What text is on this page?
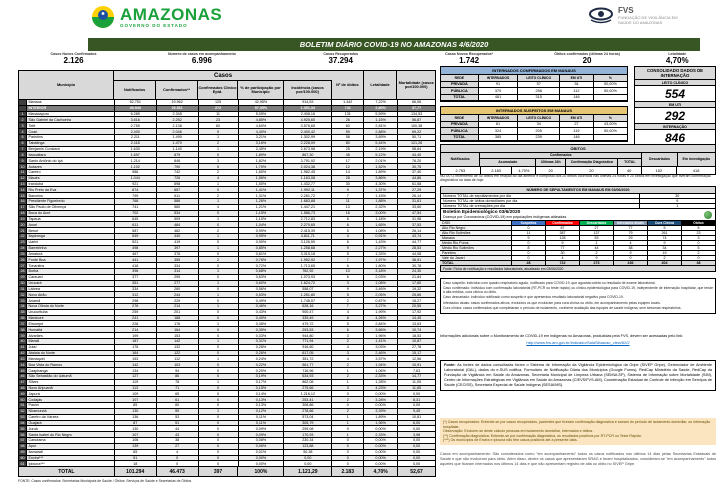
AMAZONAS
GOVERNO DO ESTADO
FVS
FUNDAÇÃO DE VIGILÂNCIA EM SAÚDE DO AMAZONAS
BOLETIM DIÁRIO COVID-19 NO AMAZONAS 4/6/2020
Casos Novos Confirmados
2.126
Número de casos em acompanhamento
6.996
Casos Recuperados
37.294
Casos Novos Recuperados*
1.742
Óbitos confirmados (últimas 24 horas)
20
Letalidade
4,70%
Município
Casos
Notificados	Confirmados**	Confirmados Clínico Epid.
% de participação por Município
Incidência (casos por/100.000)
Nº de óbitos	Letalidade	Mortalidade (casos por/100.000)
Manaus	52.751	19.962	125	42,95%	914,53	1.442	7,22%	66,06
INTERIOR	48.543	26.511	272	57,05%	1.351,34	741	2,80%	37,77
1	Manacapuru	6.289	2.345	11	5,05%	2.408,16	131	5,59%	134,53
2	São Gabriel da Cachoeira	3.616	2.252	23	4,85%	4.925,60	26	1,15%	56,87
3	Tefé	2.759	2.138	60	4,60%	3.576,65	60	2,81%	100,38
4	Coari	2.400	2.046	9	4,40%	2.400,42	59	2,88%	69,22
5	Parintins	2.211	1.490	1	3,21%	1.302,99	58	3,89%	50,71
6	Tabatinga	2.118	1.470	2	3,16%	2.228,09	80	5,44%	121,26
7	Benjamin Constant	1.630	1.140	1	2,45%	2.673,98	25	2,19%	58,64
8	Itacoatiara	1.697	879	0	1,89%	867,30	45	5,12%	44,40
9	Santo Antônio do Içá	1.214	846	3	1,82%	3.791,92	17	2,01%	76,20
10	Autazes	1.102	790	5	1,70%	2.024,38	12	1,52%	30,75
11	Careiro	986	742	2	1,60%	1.982,45	14	1,89%	37,40
12	Maués	1.044	726	4	1,56%	1.163,08	28	3,86%	44,86
13	Iranduba	921	698	1	1,50%	1.432,77	30	4,30%	61,58
14	Rio Preto da Eva	874	657	0	1,41%	1.992,11	9	1,37%	27,29
15	Barcelos	799	611	2	1,31%	2.281,72	7	1,15%	26,14
16	Presidente Figueiredo	768	586	1	1,26%	1.683,88	11	1,88%	31,61
17	São Paulo de Olivença	741	560	4	1,21%	1.447,21	13	2,32%	33,60
18	Boca do Acre	702	534	0	1,15%	1.586,73	16	3,00%	47,54
19	Tapauá	645	509	1	1,10%	2.712,83	6	1,18%	31,98
20	Anori	611	484	0	1,04%	2.270,65	8	1,65%	37,53
21	Beruri	587	462	2	0,99%	2.415,39	5	1,08%	26,14
22	Itapiranga	549	440	1	0,95%	4.811,71	4	0,91%	43,74
23	Uarini	521	419	0	0,90%	3.126,59	6	1,43%	44,77
24	Barreirinha	498	397	1	0,85%	1.258,68	9	2,27%	28,53
25	Amaturá	467	376	0	0,81%	3.315,18	5	1,33%	44,08
26	Fonte Boa	441	355	2	0,76%	1.952,92	7	1,97%	38,51
27	Tonantins	418	334	0	0,72%	1.713,65	6	1,80%	30,78
28	Borba	396	314	1	0,68%	762,92	10	3,18%	24,30
29	Carauari	377	295	0	0,63%	1.073,93	6	2,03%	21,84
30	Urucará	351	277	1	0,60%	1.624,72	3	1,08%	17,60
31	Lábrea	334	260	0	0,56%	558,07	9	3,46%	19,32
32	Novo Airão	312	244	1	0,53%	1.251,80	5	2,05%	25,65
33	Anamã	298	229	0	0,49%	1.748,57	2	0,87%	15,27
34	Nova Olinda do Norte	276	214	1	0,46%	628,16	7	3,27%	20,55
35	Urucurituba	259	201	0	0,43%	900,47	4	1,99%	17,92
36	Manicoré	241	188	0	0,40%	339,49	8	4,26%	14,45
37	Eirunepé	228	176	1	0,38%	479,72	5	2,84%	13,63
38	Humaitá	214	164	0	0,35%	293,53	6	3,66%	10,74
39	Alvarães	199	153	0	0,33%	944,80	3	1,96%	18,53
40	Maraã	187	142	1	0,31%	771,94	2	1,41%	10,87
41	Jutaí	176	132	0	0,28%	916,60	4	3,03%	27,78
42	Atalaia do Norte	164	122	0	0,26%	617,05	3	2,46%	15,17
43	Manaquiri	153	112	1	0,24%	351,72	4	3,57%	12,56
44	Boa Vista do Ramos	142	103	0	0,22%	561,77	2	1,94%	10,91
45	Caapiranga	134	94	0	0,20%	716,96	1	1,06%	7,63
46	São Sebastião do Uatumã	127	86	0	0,19%	634,93	2	2,33%	14,77
47	Silves	119	78	1	0,17%	862,08	1	1,28%	11,05
48	Novo Aripuanã	113	71	0	0,15%	275,66	3	4,23%	11,65
49	Japurá	109	65	0	0,14%	1.216,12	0	0,00%	0,00
50	Codajás	107	61	0	0,13%	253,41	2	3,28%	8,31
51	Pauini	85	60	0	0,13%	308,86	0	0,00%	0,00
52	Nhamundá	130	59	1	0,12%	278,66	2	3,39%	9,45
53	Careiro da Várzea	136	53	0	0,11%	573,04	1	1,89%	10,81
54	Guajará	87	51	0	0,11%	305,79	1	1,96%	6,00
55	Juruá	130	44	0	0,09%	299,08	0	0,00%	0,00
56	Santa Isabel do Rio Negro	107	43	0	0,09%	170,93	1	2,33%	3,98
57	Canutama	106	38	0	0,08%	230,34	0	0,00%	0,00
58	Apuí	139	27	0	0,06%	123,88	0	0,00%	0,00
59	Itamarati	65	4	0	0,01%	50,38	0	0,00%	0,00
60	Envira***	51	0	0	0,00%	0,00	0	0,00%	0,00
61	Ipixuna***	18	0	0	0,00%	0,00	0	0,00%	0,00
TOTAL	101.294	46.473	397	100%	1.121,29	2.183	4,70%	52,67
FONTE: Casos confirmados: Secretarias Municipais de Saúde / Óbitos: Serviços de Saúde e Secretarias de Óbitos
INTERNADOS CONFIRMADOS EM MANAUS
REDE	INTERNADOS	LEITO CLÍNICO	EM UTI	%
PRIVADA	91	57	34	50,00%
PÚBLICA	370	258	112	50,00%
TOTAL	461	315	146
INTERNADOS SUSPEITOS EM MANAUS
REDE	INTERNADOS	LEITO CLÍNICO	EM UTI	%
PRIVADA	61	34	27	43,00%
PÚBLICA	324	205	119	50,00%
TOTAL	385	239	146
CONSOLIDADO DADOS DE INTERNAÇÃO
LEITO CLÍNICO
554
EM UTI
292
INTERNAÇÃO
846
ÓBITOS
Notificados
Confirmados
Acumulado	Últimas 24h	Confirmação Diagnóstica	TOTAL
Descartados	Em investigação
2.753	2.183	4,70%	20	20	40	152	418
NOTA: O incremento de 40 óbitos em relação ao dia anterior é composto dos 20 óbitos ocorridos nas últimas 24 horas e 20 óbitos em investigação que tiveram confirmação diagnóstica na data de hoje.
NÚMERO DE SEPULTAMENTOS EM MANAUS EM 03/06/2020
Número TOTAL de sepultamentos por dia	30
Número TOTAL de óbitos domiciliares por dia	9
Número TOTAL de cremações por dia	1
Boletim Epidemiológico 03/6/2020
Doença por Coronavírus (COVID-19) em populações indígenas aldeadas
DSEI	Suspeitos	Confirmados	Descartados	Infectados atuais	Cura Clínica	Óbitos
Alto Rio Negro	0	87	27	77	5	5
Alto Rio Solimões	11	387	137	79	261	23
Manaus	9	128	53	29	74	3
Médio Rio Purus	0	9	1	4	9	0
Médio Rio Solimões	8	77	44	38	34	5
Parintins	0	30	2	9	19	2
Vale do Javari	0	4	9	0	2	0
TOTAL	28	722	273	236	404	38
Fonte: Ficha de notificação e resultados laboratoriais, atualizado em 03/06/2020
Caso suspeito: indivíduo com quadro respiratório agudo, notificado para COVID-19, que aguarda coleta ou resultado de exame laboratorial.
Caso confirmado: indivíduo com confirmação laboratorial (RT-PCR ou teste rápido) ou clínico-epidemiológica para COVID-19, independente de internação hospitalar, que tende à alta médica, cura clínica ou óbito.
Caso descartado: indivíduo notificado como suspeito e que apresentou resultado laboratorial negativo para COVID-19.
Infectados atuais: casos confirmados ativos, excluídos os que evoluíram para cura clínica ou óbito, em acompanhamento pelas equipes locais.
Cura clínica: casos confirmados que completaram o período de isolamento, conforme avaliação das equipes de saúde indígena, sem sintomas respiratórios.
Informações adicionais sobre o Monitoramento de COVID-19 em indígenas no Amazonas, produzidas pela FVS, devem ser acessadas pelo link:
http://www.fvs.am.gov.br/indicadorSalaSituacao_view/62/2
Fonte: As fontes de dados consultadas foram o Sistema de Informação da Vigilância Epidemiológica da Gripe (SIVEP Gripe), Gerenciador de Ambiente Laboratorial (GAL), dados do e-SUS notifica, Formulário de Notificação Diária dos Municípios (Google Forms), RedCap Ministério da Saúde, RedCap da Fundação de Vigilância em Saúde do Amazonas, Secretaria Municipal de Limpeza Urbana (SEMULSP), Sistema de Informação sobre Mortalidade (SIM), Centro de Informações Estratégicas em Vigilância em Saúde do Amazonas (CIEVS/FVS-AM), Coordenação Estadual de Controle de Infecção em Serviços de Saúde (CECISS), Secretaria Especial de Saúde Indígena (SESAI/MS).
(*) Casos recuperados: Entende-se por casos recuperados, pacientes que tiveram confirmação diagnóstica e saíram do período de isolamento domiciliar, ou internação hospitalar.
Observação: Excluem-se deste cálculo pessoas em isolamento domiciliar, internados e óbitos.
(**) Confirmação diagnóstica: Entende-se por confirmação diagnóstica, os resultados positivos por RT-PCR ou Teste Rápido.
(***) Os municípios de Envira e Ipixuna não têm casos positivos até a presente data.
Casos em acompanhamento: São considerados como "em acompanhamento" todos os casos notificados nos últimos 14 dias pelas Secretarias Estaduais de Saúde e que não evoluíram para óbito. Além disso, dentre os casos que apresentaram SRAG e foram hospitalizados, consideram-se "em acompanhamento" todos aqueles que ficaram internados nos últimos 14 dias e que não apresentam registro de alta ou óbito no SIVEP Gripe.
